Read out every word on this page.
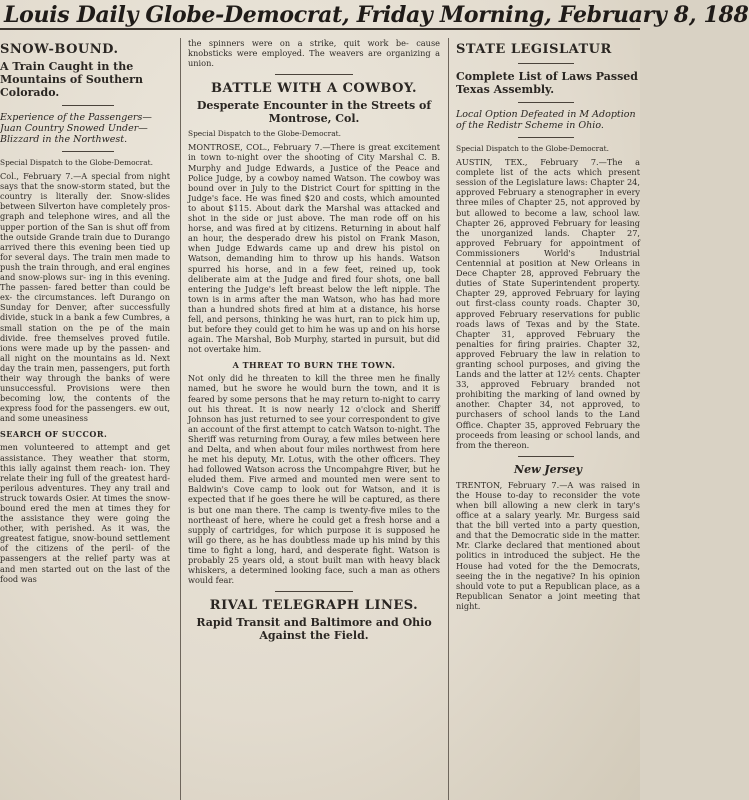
Louis Daily Globe-Democrat, Friday Morning, February 8, 188
SNOW-BOUND.
A Train Caught in the Mountains of Southern Colorado.
Experience of the Passengers— Juan Country Snowed Under— Blizzard in the Northwest.
Special Dispatch to the Globe-Democrat.
Col., February 7.—A special from night says that the snow-storm stated, but the country is literally der. Snow-slides between Silverton have completely pros- graph and telephone wires, and all the upper portion of the San is shut off from the outside Grande train due to Durango arrived there this evening been tied up for several days. The train men made to push the train through, and eral engines and snow-plows sur- ing in this evening. The passen- fared better than could be ex- the circumstances. left Durango on Sunday for Denver, after successfully divide, stuck in a bank a few Cumbres, a small station on the pe of the main divide. free themselves proved futile. ions were made up by the passen- and all night on the mountains as ld. Next day the train men, passengers, put forth their way through the banks of were unsuccessful. Provisions were then becoming low, the contents of the express food for the passengers. ew out, and some uneasiness
SEARCH OF SUCCOR.
men volunteered to attempt and get assistance. They weather that storm, this ially against them reach- ion. They relate their ing full of the greatest hard- perilous adventures. They any trail and struck towards Osier. At times the snow-bound ered the men at times they for the assistance they were going the other, with perished. As it was, the greatest fatigue, snow-bound settlement of the citizens of the peril- of the passengers at the relief party was at and men started out on the last of the food was
the spinners were on a strike, quit work be- cause knobsticks were employed. The weavers are organizing a union.
BATTLE WITH A COWBOY.
Desperate Encounter in the Streets of Montrose, Col.
Special Dispatch to the Globe-Democrat.
MONTROSE, COL., February 7.—There is great excitement in town to-night over the shooting of City Marshal C. B. Murphy and Judge Edwards, a Justice of the Peace and Police Judge, by a cowboy named Watson. The cowboy was bound over in July to the District Court for spitting in the Judge's face. He was fined $20 and costs, which amounted to about $115. About dark the Marshal was attacked and shot in the side or just above. The man rode off on his horse, and was fired at by citizens. Returning in about half an hour, the desperado drew his pistol on Frank Mason, when Judge Edwards came up and drew his pistol on Watson, demanding him to throw up his hands. Watson spurred his horse, and in a few feet, reined up, took deliberate aim at the Judge and fired four shots, one ball entering the Judge's left breast below the left nipple. The town is in arms after the man Watson, who has had more than a hundred shots fired at him at a distance, his horse fell, and persons, thinking he was hurt, ran to pick him up, but before they could get to him he was up and on his horse again. The Marshal, Bob Murphy, started in pursuit, but did not overtake him.
A THREAT TO BURN THE TOWN.
Not only did he threaten to kill the three men he finally named, but he swore he would burn the town, and it is feared by some persons that he may return to-night to carry out his threat. It is now nearly 12 o'clock and Sheriff Johnson has just returned to see your correspondent to give an account of the first attempt to catch Watson to-night. The Sheriff was returning from Ouray, a few miles between here and Delta, and when about four miles northwest from here he met his deputy, Mr. Lotus, with the other officers. They had followed Watson across the Uncompahgre River, but he eluded them. Five armed and mounted men were sent to Baldwin's Cove camp to look out for Watson, and it is expected that if he goes there he will be captured, as there is but one man there. The camp is twenty-five miles to the northeast of here, where he could get a fresh horse and a supply of cartridges, for which purpose it is supposed he will go there, as he has doubtless made up his mind by this time to fight a long, hard, and desperate fight. Watson is probably 25 years old, a stout built man with heavy black whiskers, a determined looking face, such a man as others would fear.
RIVAL TELEGRAPH LINES.
Rapid Transit and Baltimore and Ohio Against the Field.
STATE LEGISLATUR
Complete List of Laws Passed Texas Assembly.
Local Option Defeated in M Adoption of the Redistr Scheme in Ohio.
Special Dispatch to the Globe-Democrat.
AUSTIN, TEX., February 7.—The a complete list of the acts which present session of the Legislature laws: Chapter 24, approved February a stenographer in every three miles of Chapter 25, not approved by but allowed to become a law, school law. Chapter 26, approved February for leasing the unorganized lands. Chapter 27, approved February for appointment of Commissioners World's Industrial Centennial at position at New Orleans in Dece Chapter 28, approved February the duties of State Superintendent property. Chapter 29, approved February for laying out first-class county roads. Chapter 30, approved February reservations for public roads laws of Texas and by the State. Chapter 31, approved February the penalties for firing prairies. Chapter 32, approved February the law in relation to granting school purposes, and giving the Lands and the latter at 12½ cents. Chapter 33, approved February branded not prohibiting the marking of land owned by another. Chapter 34, not approved, to purchasers of school lands to the Land Office. Chapter 35, approved February the proceeds from leasing or school lands, and from the thereon.
New Jersey
TRENTON, February 7.—A was raised in the House to-day to reconsider the vote when bill allowing a new clerk in tary's office at a salary yearly. Mr. Burgess said that the bill verted into a party question, and that the Democratic side in the matter. Mr. Clarke declared that mentioned about politics in introduced the subject. He the House had voted for the the Democrats, seeing the in the negative? In his opinion should vote to put a Republican place, as a Republican Senator a joint meeting that night.
